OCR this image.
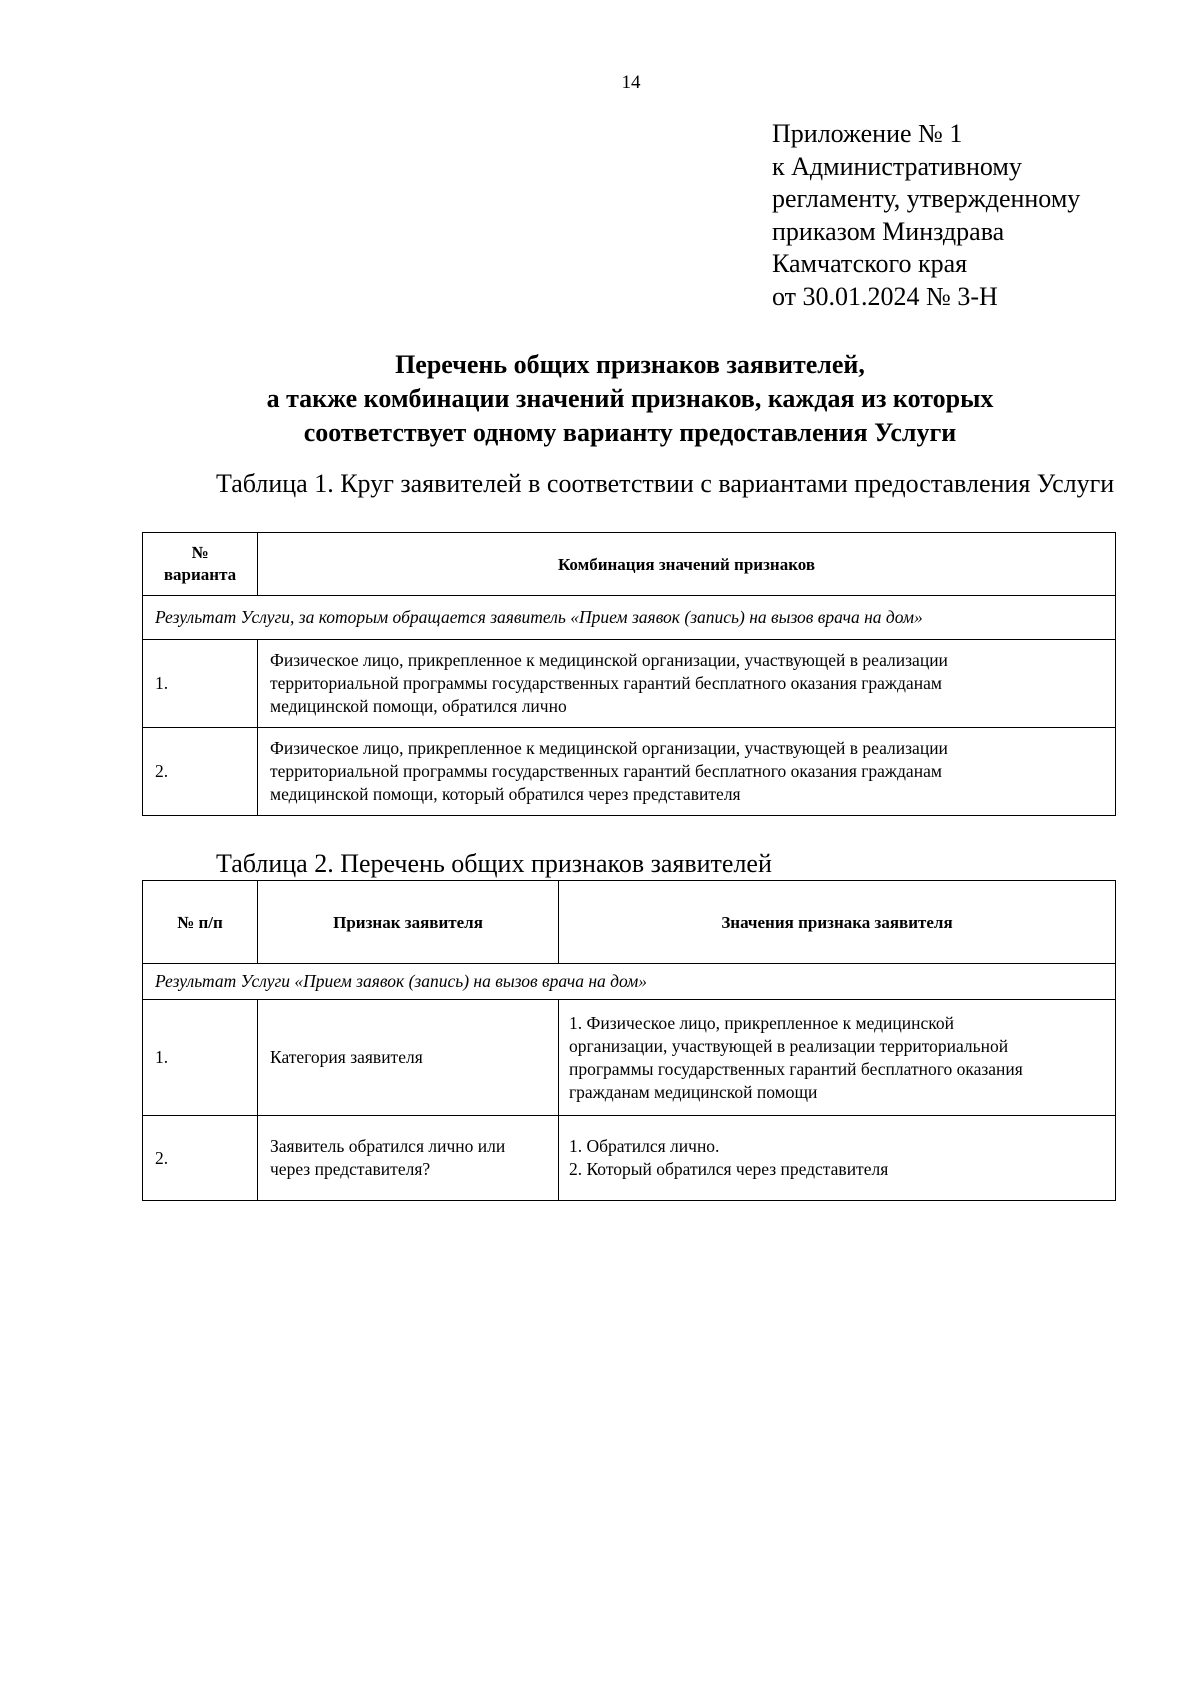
14
Приложение № 1
к Административному
регламенту, утвержденному
приказом Минздрава
Камчатского края
от 30.01.2024 № 3-Н
Перечень общих признаков заявителей,
а также комбинации значений признаков, каждая из которых
соответствует одному варианту предоставления Услуги
Таблица 1. Круг заявителей в соответствии с вариантами предоставления Услуги
№
варианта	Комбинация значений признаков
Результат Услуги, за которым обращается заявитель «Прием заявок (запись) на вызов врача на дом»	
1.	Физическое лицо, прикрепленное к медицинской организации, участвующей в реализации
территориальной программы государственных гарантий бесплатного оказания гражданам
медицинской помощи, обратился лично

2.	Физическое лицо, прикрепленное к медицинской организации, участвующей в реализации
территориальной программы государственных гарантий бесплатного оказания гражданам
медицинской помощи, который обратился через представителя
Таблица 2. Перечень общих признаков заявителей
№ п/п	Признак заявителя	Значения признака заявителя
Результат Услуги «Прием заявок (запись) на вызов врача на дом»		
1.	Категория заявителя	1. Физическое лицо, прикрепленное к медицинской
организации, участвующей в реализации территориальной
программы государственных гарантий бесплатного оказания
гражданам медицинской помощи

2.	Заявитель обратился лично или
через представителя?	1. Обратился лично.
2. Который обратился через представителя
